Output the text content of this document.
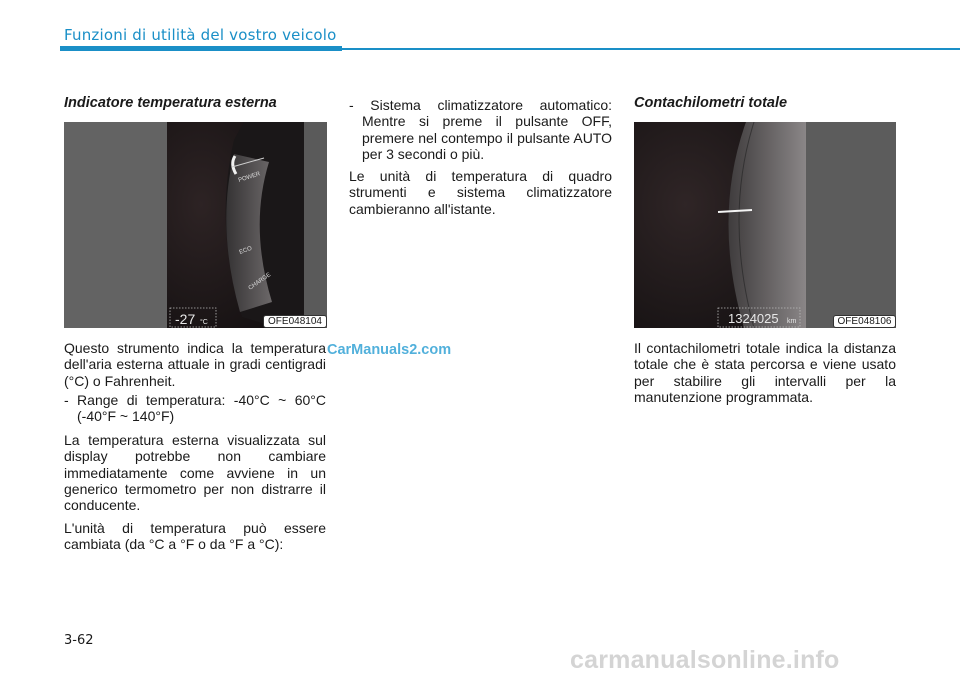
Funzioni di utilità del vostro veicolo
Indicatore temperatura esterna
POWER
ECO
CHARGE
-27 °C	OFE048104
Questo strumento indica la temperatura dell'aria esterna attuale in gradi centigradi (°C) o Fahrenheit.
- Range di temperatura: -40°C ~ 60°C (-40°F ~ 140°F)
La temperatura esterna visualizzata sul display potrebbe non cambiare immediatamente come avviene in un generico termometro per non distrarre il conducente.
L'unità di temperatura può essere cambiata (da °C a °F o da °F a °C):
- Sistema climatizzatore automatico: Mentre si preme il pulsante OFF, premere nel contempo il pulsante AUTO per 3 secondi o più.
Le unità di temperatura di quadro strumenti e sistema climatizzatore cambieranno all'istante.
Contachilometri totale
1324025 km	OFE048106
Il contachilometri totale indica la distanza totale che è stata percorsa e viene usato per stabilire gli intervalli per la manutenzione programmata.
3-62
CarManuals2.com
carmanualsonline.info
